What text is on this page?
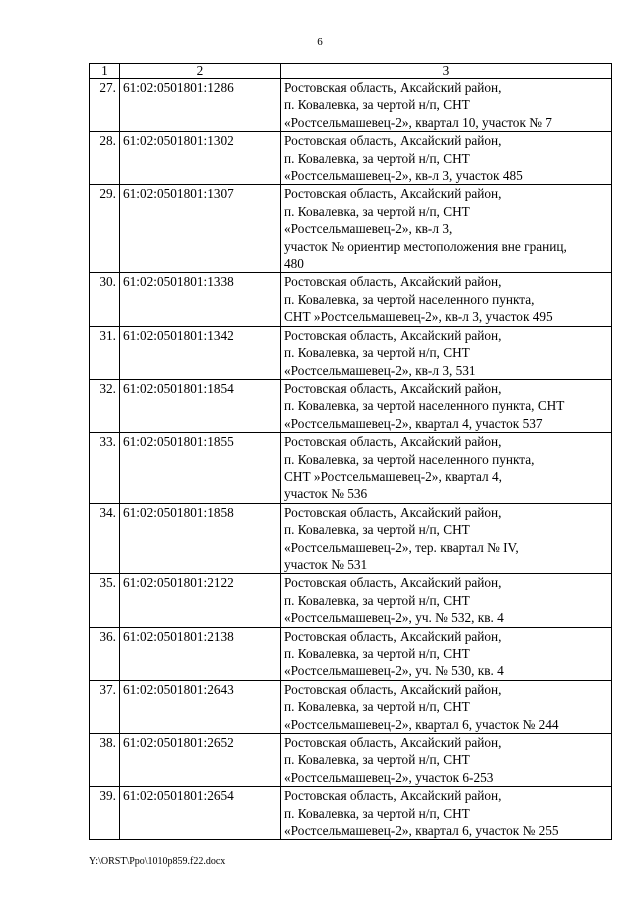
6
1	2	3
27.	61:02:0501801:1286	Ростовская область, Аксайский район,
п. Ковалевка, за чертой н/п, СНТ
«Ростсельмашевец-2», квартал 10, участок № 7

28.	61:02:0501801:1302	Ростовская область, Аксайский район,
п. Ковалевка, за чертой н/п, СНТ
«Ростсельмашевец-2», кв-л 3, участок 485

29.	61:02:0501801:1307	Ростовская область, Аксайский район,
п. Ковалевка, за чертой н/п, СНТ
«Ростсельмашевец-2», кв-л 3,
участок № ориентир местоположения вне границ,
480

30.	61:02:0501801:1338	Ростовская область, Аксайский район,
п. Ковалевка, за чертой населенного пункта,
СНТ »Ростсельмашевец-2», кв-л 3, участок 495

31.	61:02:0501801:1342	Ростовская область, Аксайский район,
п. Ковалевка, за чертой н/п, СНТ
«Ростсельмашевец-2», кв-л 3, 531

32.	61:02:0501801:1854	Ростовская область, Аксайский район,
п. Ковалевка, за чертой населенного пункта, СНТ
«Ростсельмашевец-2», квартал 4, участок 537

33.	61:02:0501801:1855	Ростовская область, Аксайский район,
п. Ковалевка, за чертой населенного пункта,
СНТ »Ростсельмашевец-2», квартал 4,
участок № 536

34.	61:02:0501801:1858	Ростовская область, Аксайский район,
п. Ковалевка, за чертой н/п, СНТ
«Ростсельмашевец-2», тер. квартал № IV,
участок № 531

35.	61:02:0501801:2122	Ростовская область, Аксайский район,
п. Ковалевка, за чертой н/п, СНТ
«Ростсельмашевец-2», уч. № 532, кв. 4

36.	61:02:0501801:2138	Ростовская область, Аксайский район,
п. Ковалевка, за чертой н/п, СНТ
«Ростсельмашевец-2», уч. № 530, кв. 4

37.	61:02:0501801:2643	Ростовская область, Аксайский район,
п. Ковалевка, за чертой н/п, СНТ
«Ростсельмашевец-2», квартал 6, участок № 244

38.	61:02:0501801:2652	Ростовская область, Аксайский район,
п. Ковалевка, за чертой н/п, СНТ
«Ростсельмашевец-2», участок 6-253

39.	61:02:0501801:2654	Ростовская область, Аксайский район,
п. Ковалевка, за чертой н/п, СНТ
«Ростсельмашевец-2», квартал 6, участок № 255
Y:\ORST\Ppo\1010p859.f22.docx
